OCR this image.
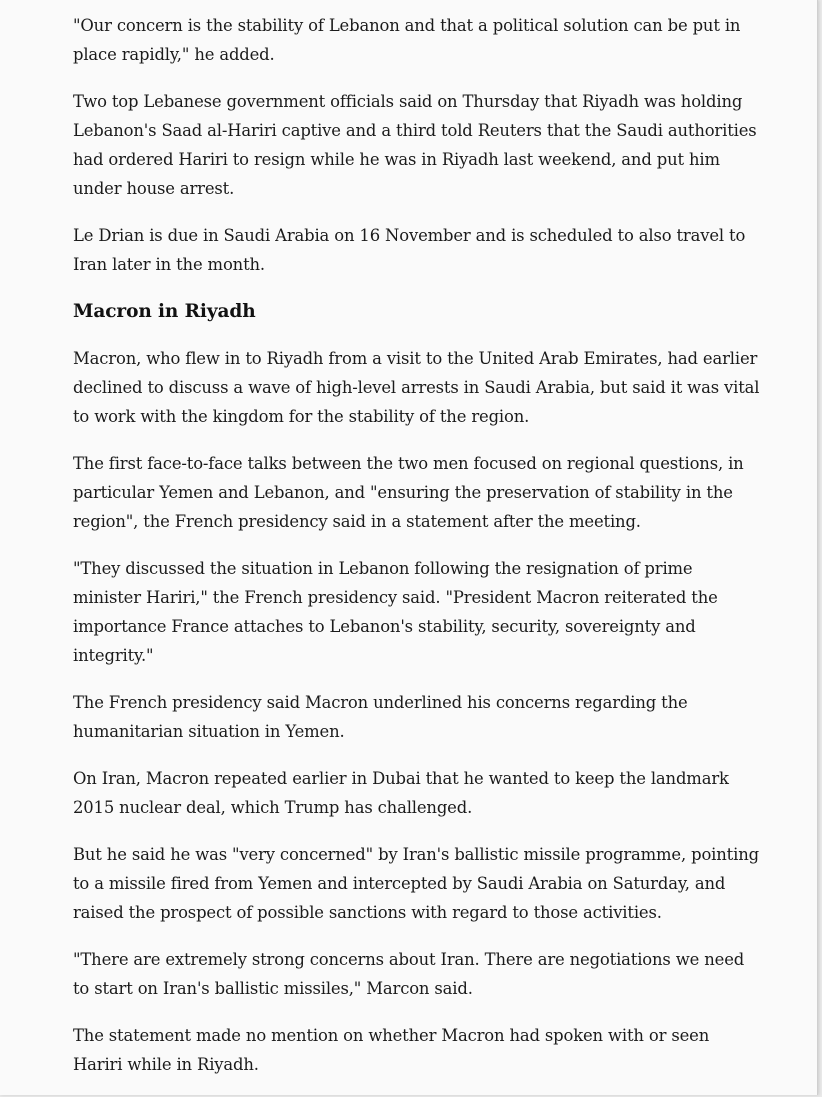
"Our concern is the stability of Lebanon and that a political solution can be put in place rapidly," he added.

Two top Lebanese government officials said on Thursday that Riyadh was holding Lebanon's Saad al-Hariri captive and a third told Reuters that the Saudi authorities had ordered Hariri to resign while he was in Riyadh last weekend, and put him under house arrest.

Le Drian is due in Saudi Arabia on 16 November and is scheduled to also travel to Iran later in the month.

Macron in Riyadh

Macron, who flew in to Riyadh from a visit to the United Arab Emirates, had earlier declined to discuss a wave of high-level arrests in Saudi Arabia, but said it was vital to work with the kingdom for the stability of the region.

The first face-to-face talks between the two men focused on regional questions, in particular Yemen and Lebanon, and "ensuring the preservation of stability in the region", the French presidency said in a statement after the meeting.

"They discussed the situation in Lebanon following the resignation of prime minister Hariri," the French presidency said. "President Macron reiterated the importance France attaches to Lebanon's stability, security, sovereignty and integrity."

The French presidency said Macron underlined his concerns regarding the humanitarian situation in Yemen.

On Iran, Macron repeated earlier in Dubai that he wanted to keep the landmark 2015 nuclear deal, which Trump has challenged.

But he said he was "very concerned" by Iran's ballistic missile programme, pointing to a missile fired from Yemen and intercepted by Saudi Arabia on Saturday, and raised the prospect of possible sanctions with regard to those activities.

"There are extremely strong concerns about Iran. There are negotiations we need to start on Iran's ballistic missiles," Marcon said.

The statement made no mention on whether Macron had spoken with or seen Hariri while in Riyadh.
